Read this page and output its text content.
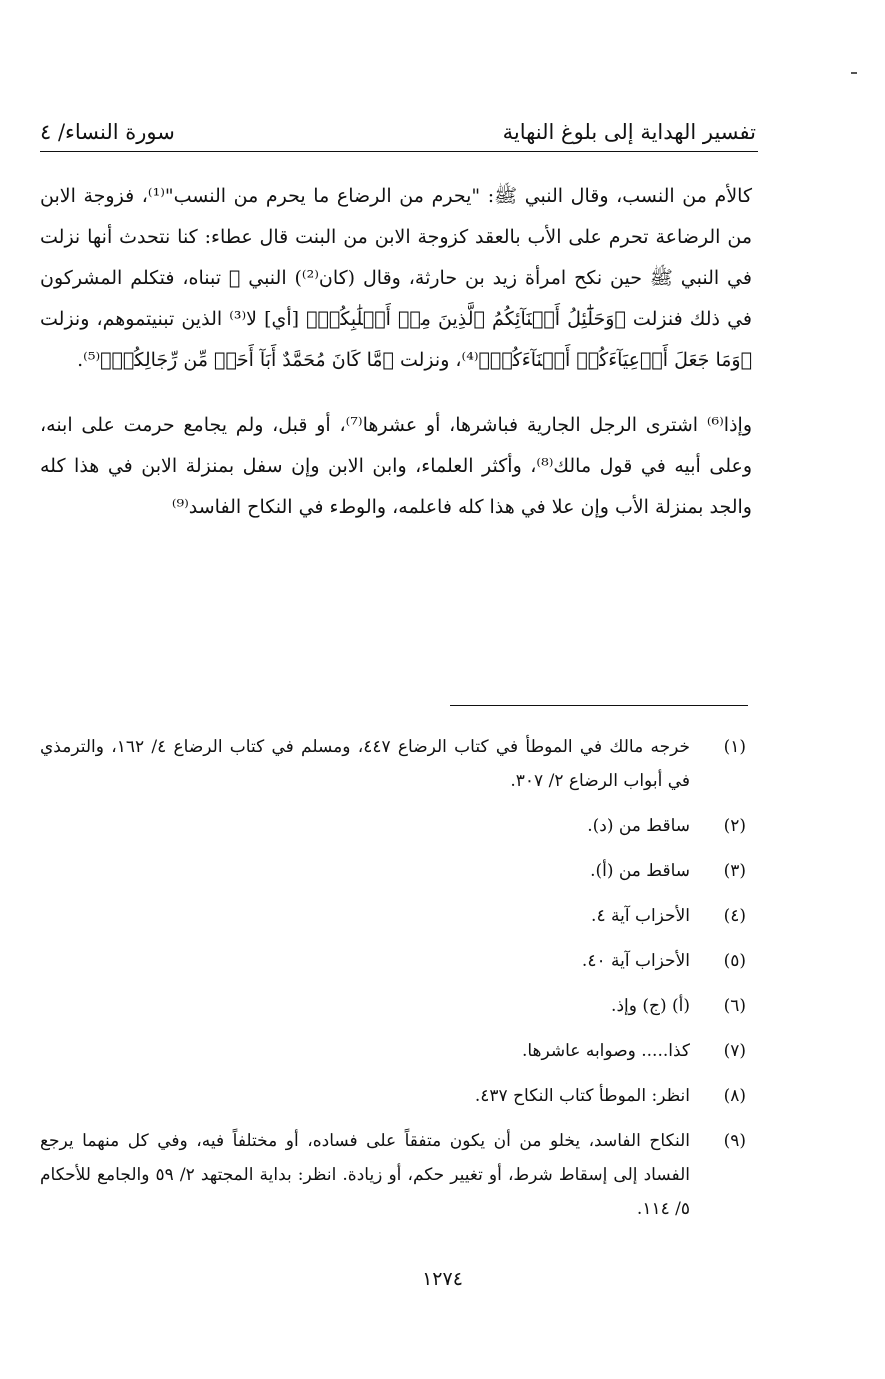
تفسير الهداية إلى بلوغ النهاية
سورة النساء/ ٤

كالأم من النسب، وقال النبي ﷺ: "يحرم من الرضاع ما يحرم من النسب"⁽¹⁾، فزوجة الابن من الرضاعة تحرم على الأب بالعقد كزوجة الابن من البنت قال عطاء: كنا نتحدث أنها نزلت في النبي ﷺ حين نكح امرأة زيد بن حارثة، وقال (كان⁽²⁾) النبي ﷺ تبناه، فتكلم المشركون في ذلك فنزلت ﴿وَحَلَٰٓئِلُ أَبۡنَآئِكُمُ ٱلَّذِينَ مِنۡ أَصۡلَٰبِكُمۡ﴾ [أي] لا⁽³⁾ الذين تبنيتموهم، ونزلت ﴿وَمَا جَعَلَ أَدۡعِيَآءَكُمۡ أَبۡنَآءَكُمۡ﴾⁽⁴⁾، ونزلت ﴿مَّا كَانَ مُحَمَّدٌ أَبَآ أَحَدٖ مِّن رِّجَالِكُمۡ﴾⁽⁵⁾.

وإذا⁽⁶⁾ اشترى الرجل الجارية فباشرها، أو عشرها⁽⁷⁾، أو قبل، ولم يجامع حرمت على ابنه، وعلى أبيه في قول مالك⁽⁸⁾، وأكثر العلماء، وابن الابن وإن سفل بمنزلة الابن في هذا كله والجد بمنزلة الأب وإن علا في هذا كله فاعلمه، والوطء في النكاح الفاسد⁽⁹⁾

(١)
خرجه مالك في الموطأ في كتاب الرضاع ٤٤٧، ومسلم في كتاب الرضاع ٤/ ١٦٢، والترمذي في أبواب الرضاع ٢/ ٣٠٧.
(٢)
ساقط من (د).
(٣)
ساقط من (أ).
(٤)
الأحزاب آية ٤.
(٥)
الأحزاب آية ٤٠.
(٦)
(أ) (ج) وإذ.
(٧)
كذا..... وصوابه عاشرها.
(٨)
انظر: الموطأ كتاب النكاح ٤٣٧.
(٩)
النكاح الفاسد، يخلو من أن يكون متفقاً على فساده، أو مختلفاً فيه، وفي كل منهما يرجع الفساد إلى إسقاط شرط، أو تغيير حكم، أو زيادة. انظر: بداية المجتهد ٢/ ٥٩ والجامع للأحكام ٥/ ١١٤.
١٢٧٤
